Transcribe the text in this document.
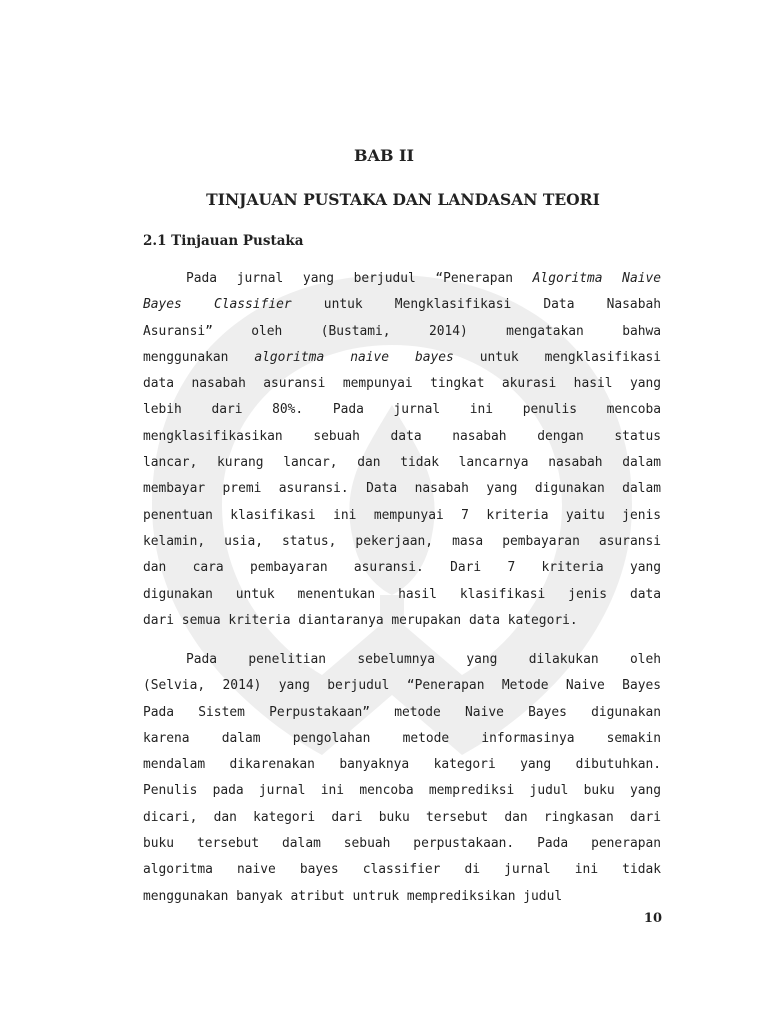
BAB II
TINJAUAN PUSTAKA DAN LANDASAN TEORI
2.1 Tinjauan Pustaka
Pada jurnal yang berjudul “Penerapan Algoritma Naive
Bayes Classifier untuk Mengklasifikasi Data Nasabah
Asuransi” oleh (Bustami, 2014) mengatakan bahwa
menggunakan algoritma naive bayes untuk mengklasifikasi
data nasabah asuransi mempunyai tingkat akurasi hasil yang
lebih dari 80%. Pada jurnal ini penulis mencoba
mengklasifikasikan sebuah data nasabah dengan status
lancar, kurang lancar, dan tidak lancarnya nasabah dalam
membayar premi asuransi. Data nasabah yang digunakan dalam
penentuan klasifikasi ini mempunyai 7 kriteria yaitu jenis
kelamin, usia, status, pekerjaan, masa pembayaran asuransi
dan cara pembayaran asuransi. Dari 7 kriteria yang
digunakan untuk menentukan hasil klasifikasi jenis data
dari semua kriteria diantaranya merupakan data kategori.
Pada penelitian sebelumnya yang dilakukan oleh
(Selvia, 2014) yang berjudul “Penerapan Metode Naive Bayes
Pada Sistem Perpustakaan” metode Naive Bayes digunakan
karena dalam pengolahan metode informasinya semakin
mendalam dikarenakan banyaknya kategori yang dibutuhkan.
Penulis pada jurnal ini mencoba memprediksi judul buku yang
dicari, dan kategori dari buku tersebut dan ringkasan dari
buku tersebut dalam sebuah perpustakaan. Pada penerapan
algoritma naive bayes classifier di jurnal ini tidak
menggunakan banyak atribut untruk memprediksikan judul
10
